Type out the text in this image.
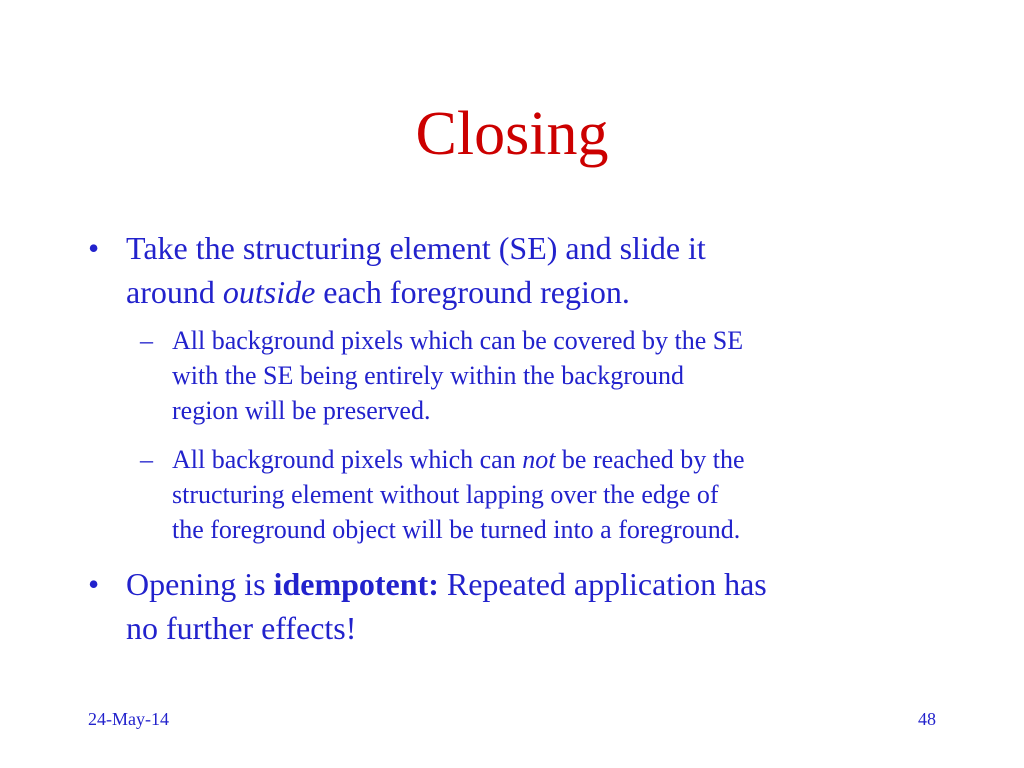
Closing
• Take the structuring element (SE) and slide it
around outside each foreground region.
– All background pixels which can be covered by the SE
with the SE being entirely within the background
region will be preserved.
– All background pixels which can not be reached by the
structuring element without lapping over the edge of
the foreground object will be turned into a foreground.
• Opening is idempotent: Repeated application has
no further effects!
24-May-14	48
